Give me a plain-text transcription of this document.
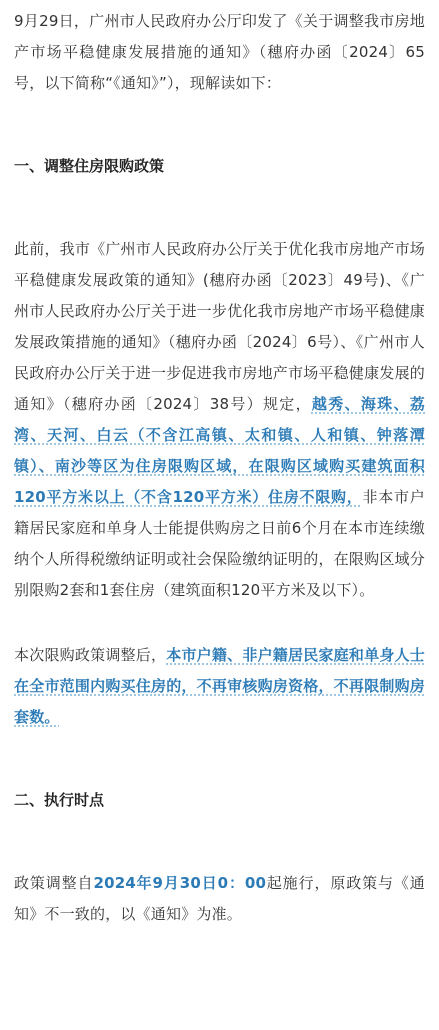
9月29日，广州市人民政府办公厅印发了《关于调整我市房地产市场平稳健康发展措施的通知》（穗府办函〔2024〕65号，以下简称“《通知》”），现解读如下：

一、调整住房限购政策

此前，我市《广州市人民政府办公厅关于优化我市房地产市场平稳健康发展政策的通知》(穗府办函〔2023〕49号)、《广州市人民政府办公厅关于进一步优化我市房地产市场平稳健康发展政策措施的通知》（穗府办函〔2024〕6号）、《广州市人民政府办公厅关于进一步促进我市房地产市场平稳健康发展的通知》（穗府办函〔2024〕38号）规定，越秀、海珠、荔湾、天河、白云（不含江高镇、太和镇、人和镇、钟落潭镇）、南沙等区为住房限购区域，在限购区域购买建筑面积120平方米以上（不含120平方米）住房不限购，非本市户籍居民家庭和单身人士能提供购房之日前6个月在本市连续缴纳个人所得税缴纳证明或社会保险缴纳证明的，在限购区域分别限购2套和1套住房（建筑面积120平方米及以下）。

本次限购政策调整后，本市户籍、非户籍居民家庭和单身人士在全市范围内购买住房的，不再审核购房资格，不再限制购房套数。

二、执行时点

政策调整自2024年9月30日0：00起施行，原政策与《通知》不一致的，以《通知》为准。
